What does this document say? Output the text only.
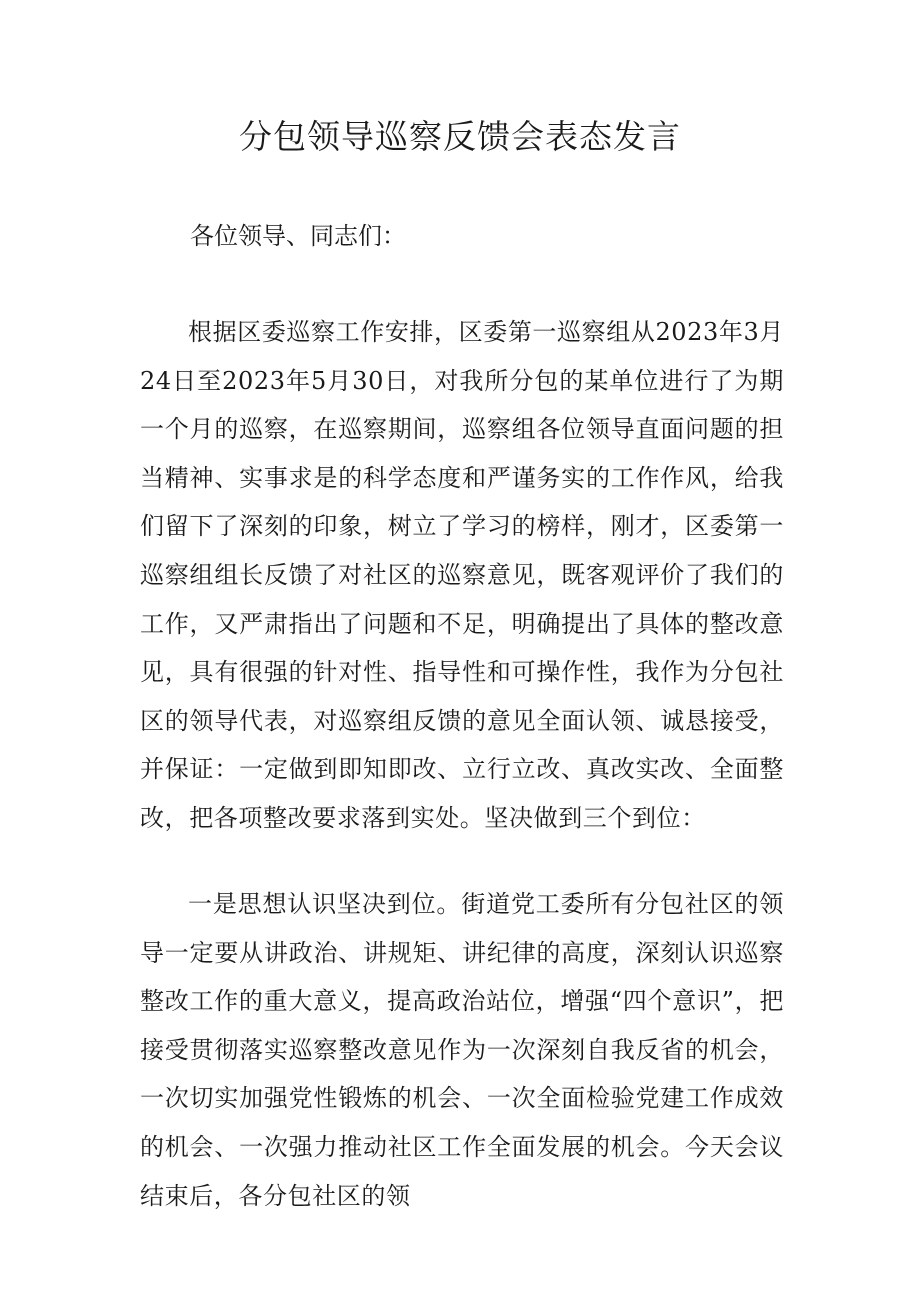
分包领导巡察反馈会表态发言

各位领导、同志们：

根据区委巡察工作安排，区委第一巡察组从2023年3月24日至2023年5月30日，对我所分包的某单位进行了为期一个月的巡察，在巡察期间，巡察组各位领导直面问题的担当精神、实事求是的科学态度和严谨务实的工作作风，给我们留下了深刻的印象，树立了学习的榜样，刚才，区委第一巡察组组长反馈了对社区的巡察意见，既客观评价了我们的工作，又严肃指出了问题和不足，明确提出了具体的整改意见，具有很强的针对性、指导性和可操作性，我作为分包社区的领导代表，对巡察组反馈的意见全面认领、诚恳接受，并保证：一定做到即知即改、立行立改、真改实改、全面整改，把各项整改要求落到实处。坚决做到三个到位：

一是思想认识坚决到位。街道党工委所有分包社区的领导一定要从讲政治、讲规矩、讲纪律的高度，深刻认识巡察整改工作的重大意义，提高政治站位，增强“四个意识”，把接受贯彻落实巡察整改意见作为一次深刻自我反省的机会，一次切实加强党性锻炼的机会、一次全面检验党建工作成效的机会、一次强力推动社区工作全面发展的机会。今天会议结束后，各分包社区的领
